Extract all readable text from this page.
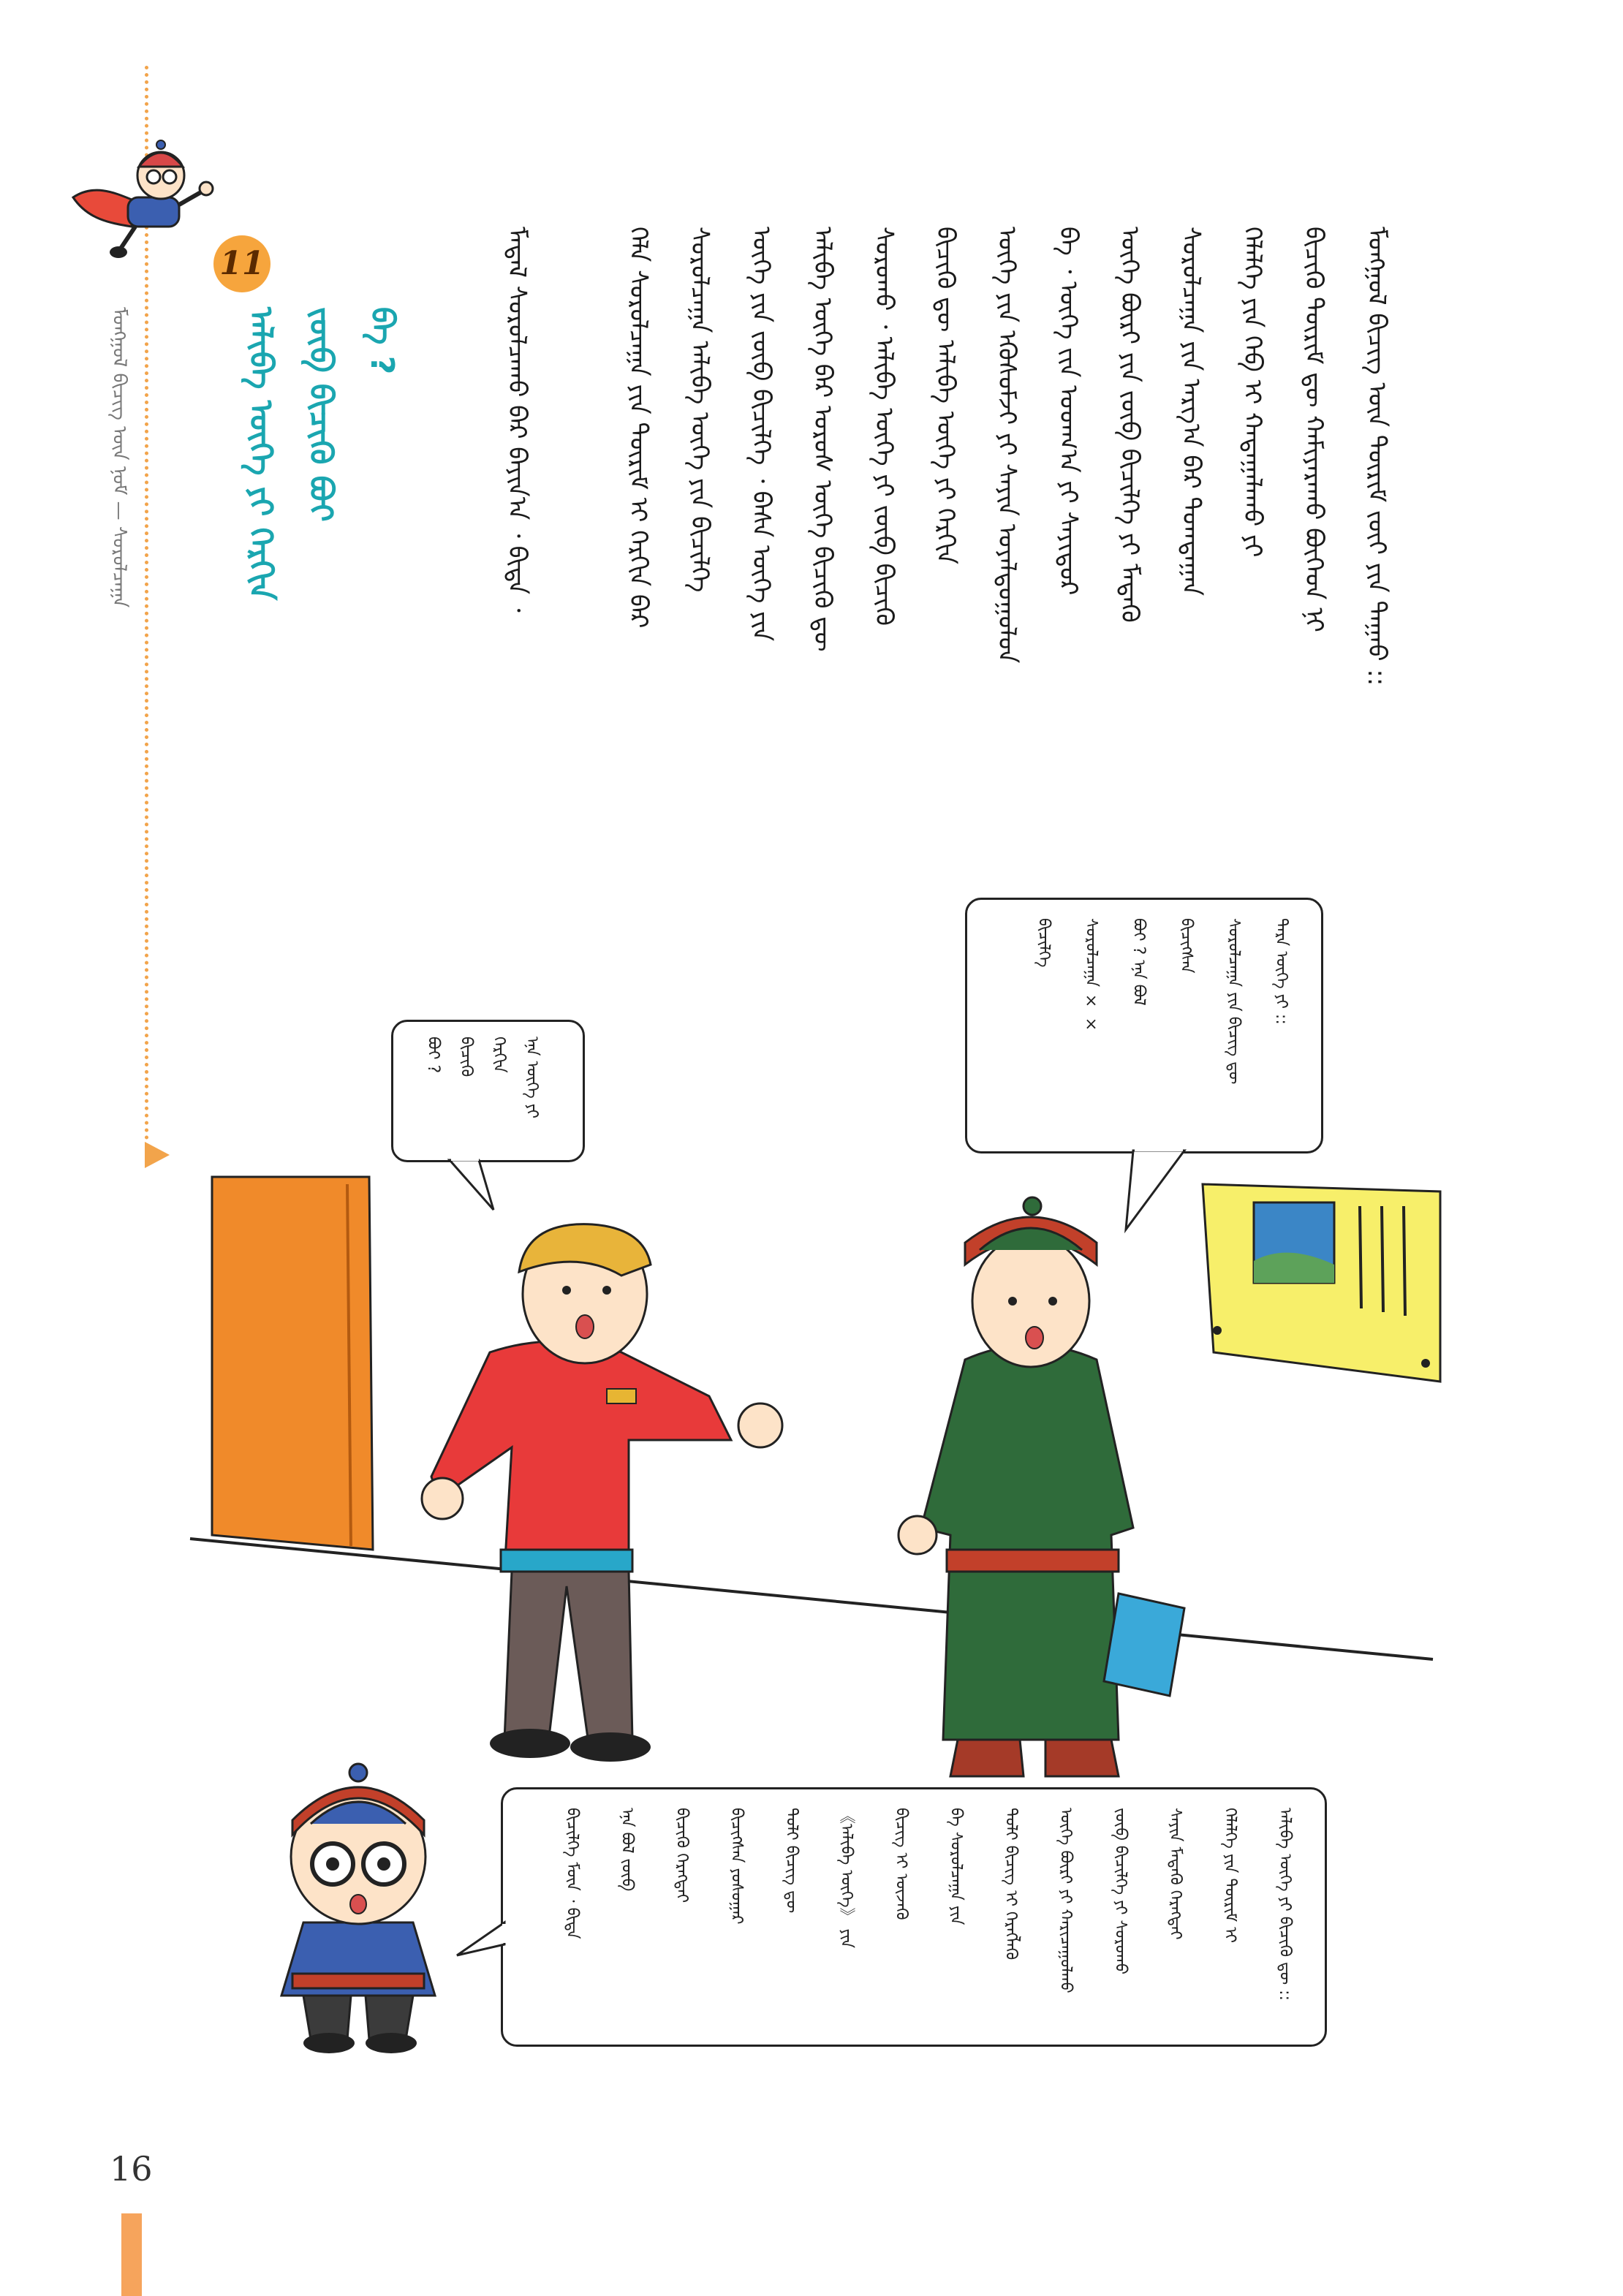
ᠮᠣᠩᠭᠣᠯ ᠪᠢᠴᠢᠭ ᠦᠨ ᠨᠣᠮ — ᠰᠤᠷᠤᠯᠴᠠᠭᠠ
11
ᠠᠯᠢᠪᠠ ᠦᠭᠡ ᠶᠢ ᠬᠡᠷᠬᠢᠨ ᠵᠥᠪ ᠪᠢᠴᠢᠬᠦ ᠪᠤᠢ ᠪᠡ ?	ᠮᠣᠩᠭᠣᠯ ᠪᠢᠴᠢᠭ ᠦᠨ ᠳᠦᠷᠢᠮ ᠵᠦᠢ ᠶᠢᠨ ᠳᠠᠭᠠᠤ ::
ᠪᠢᠴᠢᠬᠦ ᠳᠦᠷᠢᠮ ᠳᠦ ᠬᠠᠮᠢᠶᠠᠷᠠᠬᠤ ᠪᠥᠭᠡᠳ ᠨᠢ
ᠬᠡᠯᠡᠯᠭᠡ ᠶᠢᠨ ᠬᠡᠪ ᠢ ᠬᠠᠳᠠᠭᠠᠯᠠᠬᠤ ᠶᠢ
ᠰᠤᠷᠤᠯᠴᠠᠭᠠ ᠶᠢᠨ ᠠᠷᠭ᠎ᠠ ᠪᠠᠷ ᠲᠣᠭᠲᠠᠭᠠᠨ
ᠦᠭᠡ ᠪᠦᠷᠢ ᠶᠢᠨ ᠵᠥᠪ ᠪᠢᠴᠢᠯᠭᠡ ᠶᠢ ᠮᠡᠳᠡᠬᠦ
ᠪᠠ ᠂ ᠦᠭᠡ ᠵᠢᠨ ᠤᠳᠬ᠎ᠠ ᠶᠢ ᠰᠠᠶᠢᠲᠤᠷ
ᠦᠭᠡ ᠶᠢᠨ ᠡᠭᠦᠰᠦᠮᠵᠢ ᠶᠢ ᠰᠠᠶᠢᠨ ᠤᠶᠠᠯᠳᠤᠭᠤᠯᠤᠨ
ᠪᠢᠴᠢᠬᠦ ᠳᠦ ᠠᠯᠢᠪᠠ ᠦᠭᠡ ᠶᠢ ᠬᠡᠷᠬᠢᠨ
ᠰᠤᠷᠤᠬᠤ ᠂ ᠠᠯᠢᠪᠠ ᠦᠭᠡ ᠶᠢ ᠵᠥᠪ ᠪᠢᠴᠢᠬᠦ
ᠠᠯᠢᠪᠠ ᠦᠭᠡ ᠪᠡᠷ ᠣᠷᠣᠰ ᠦᠭᠡ ᠪᠢᠴᠢᠬᠦ ᠳᠦ
ᠦᠭᠡ ᠶᠢᠨ ᠵᠥᠪ ᠪᠢᠴᠢᠯᠭᠡ ᠂ ᠪᠠᠰᠠ ᠦᠭᠡ ᠶᠢᠨ
ᠰᠤᠷᠤᠯᠴᠠᠭᠠ ᠠᠯᠢᠪᠠ ᠦᠭᠡ ᠶᠢᠨ ᠪᠢᠴᠢᠯᠭᠡ
ᠬᠡᠯᠡ ᠰᠤᠷᠤᠯᠴᠠᠭᠠ ᠶᠢᠨ ᠳᠦᠷᠢᠮ ᠢ ᠬᠡᠷᠬᠢᠨ ᠪᠠᠷ
ᠮᠡᠳᠡᠯ ᠰᠤᠷᠤᠯᠴᠠᠬᠤ ᠪᠡᠷ ᠪᠠᠶᠢᠨ᠎ᠠ ᠂ ᠪᠢᠳᠡ ᠂
ᠡᠨᠡ ᠦᠭᠡ ᠶᠢ
ᠬᠡᠷᠬᠢᠨ
ᠪᠢᠴᠢᠬᠦ
ᠪᠤᠢ ?
ᠲᠡᠷᠡ ᠦᠭᠡ ᠶᠢ ::
ᠰᠤᠷᠤᠯᠴᠠᠭᠠ ᠶᠢᠨ ᠪᠢᠴᠢᠭ ᠳᠦ
ᠪᠢᠴᠢᠭᠰᠡᠨ
ᠪᠤᠢ ? ᠡᠨᠡ ᠪᠣᠯ
ᠰᠤᠷᠤᠯᠴᠠᠭᠠ × ×
ᠪᠢᠴᠢᠯᠭᠡ
ᠠᠯᠢᠪᠠ ᠦᠭᠡ ᠶᠢ ᠪᠢᠴᠢᠬᠦ ᠳᠦ ::
ᠬᠡᠯᠡᠯᠭᠡ ᠶᠢᠨ ᠳᠦᠷᠢᠮ ᠢ
ᠰᠠᠶᠢᠨ ᠮᠡᠳᠡᠬᠦ ᠬᠡᠷᠡᠭᠲᠡᠢ
ᠵᠥᠪ ᠪᠢᠴᠢᠯᠭᠡ ᠶᠢ ᠰᠤᠷᠤᠬᠤ
ᠦᠭᠡ ᠪᠦᠷᠢ ᠶᠢ ᠬᠠᠷᠢᠴᠠᠭᠤᠯᠬᠤ
ᠲᠣᠯᠢ ᠪᠢᠴᠢᠭ ᠢ ᠬᠡᠷᠡᠭᠯᠡᠬᠦ
ᠪᠠ ᠰᠤᠷᠤᠯᠴᠠᠭᠠ ᠶᠢᠨ
ᠪᠢᠴᠢᠭ ᠢ ᠦᠵᠡᠬᠦ
《ᠠᠯᠢᠪᠠ ᠦᠭᠡ》 ᠶᠢᠨ
ᠲᠣᠯᠢ ᠪᠢᠴᠢᠭ ᠳᠦ
ᠪᠢᠴᠢᠭᠰᠡᠨ ᠶᠣᠰᠣᠭᠠᠷ
ᠪᠢᠴᠢᠬᠦ ᠬᠡᠷᠡᠭᠲᠡᠢ
ᠡᠨᠡ ᠪᠣᠯ ᠵᠥᠪ
ᠪᠢᠴᠢᠯᠭᠡ ᠮᠥᠨ ᠂ ᠪᠢᠳᠡ
16
